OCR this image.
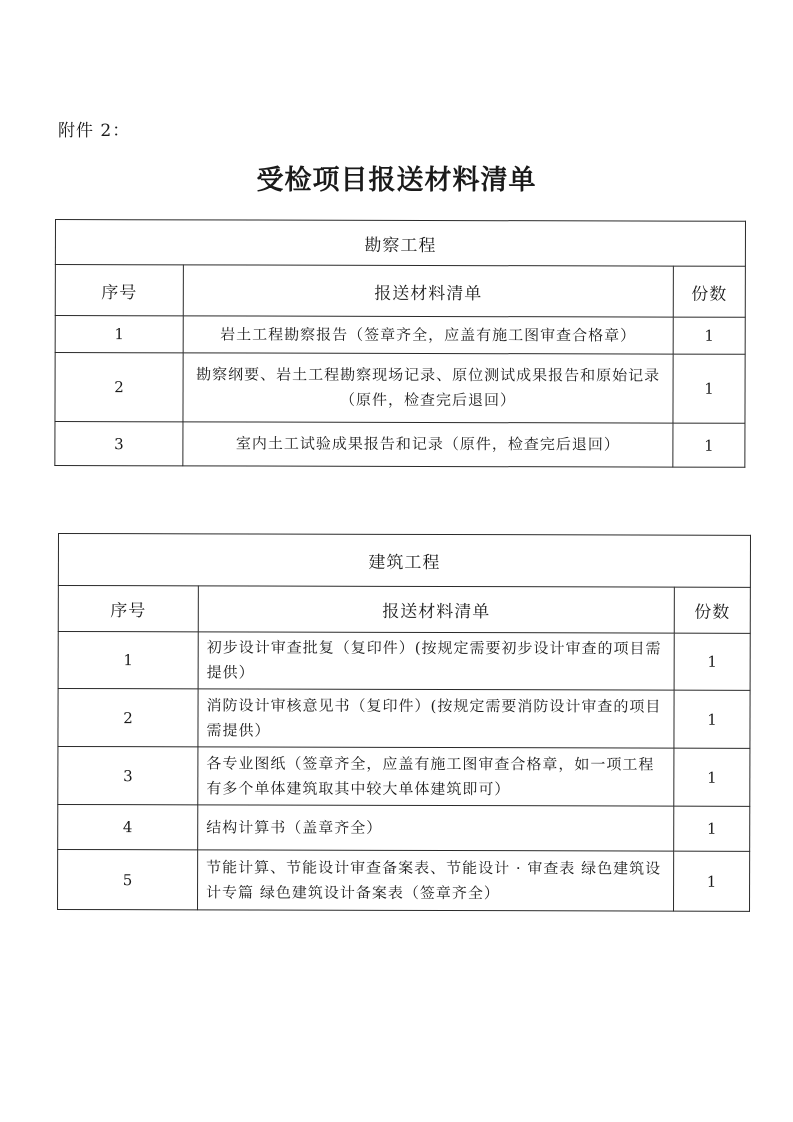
附件 2：
受检项目报送材料清单
勘察工程		
序号	报送材料清单	份数
1	岩土工程勘察报告（签章齐全，应盖有施工图审查合格章）	1
2	勘察纲要、岩土工程勘察现场记录、原位测试成果报告和原始记录（原件，检查完后退回）	1
3	室内土工试验成果报告和记录（原件，检查完后退回）	1
建筑工程		
序号	报送材料清单	份数
1	初步设计审查批复（复印件）(按规定需要初步设计审查的项目需提供）	1
2	消防设计审核意见书（复印件）(按规定需要消防设计审查的项目需提供）	1
3	各专业图纸（签章齐全，应盖有施工图审查合格章，如一项工程有多个单体建筑取其中较大单体建筑即可）	1
4	结构计算书（盖章齐全）	1
5	节能计算、节能设计审查备案表、节能设计 · 审查表 绿色建筑设计专篇 绿色建筑设计备案表（签章齐全）	1
